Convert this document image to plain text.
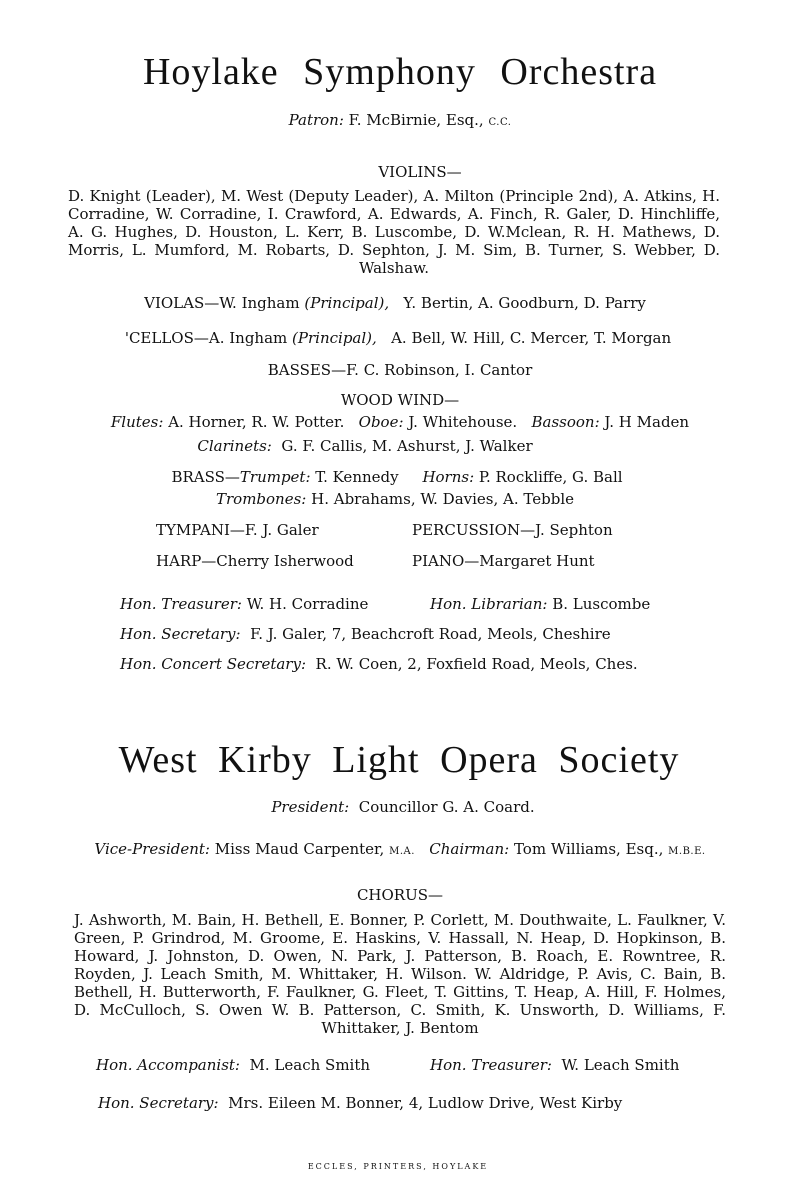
Hoylake Symphony Orchestra
Patron: F. McBirnie, Esq., C.C.
VIOLINS—
D. Knight (Leader), M. West (Deputy Leader), A. Milton (Principle 2nd), A. Atkins, H. Corradine, W. Corradine, I. Crawford, A. Edwards, A. Finch, R. Galer, D. Hinchliffe, A. G. Hughes, D. Houston, L. Kerr, B. Luscombe, D. W.Mclean, R. H. Mathews, D. Morris, L. Mumford, M. Robarts, D. Sephton, J. M. Sim, B. Turner, S. Webber, D. Walshaw.
VIOLAS—W. Ingham (Principal), Y. Bertin, A. Goodburn, D. Parry
'CELLOS—A. Ingham (Principal), A. Bell, W. Hill, C. Mercer, T. Morgan
BASSES—F. C. Robinson, I. Cantor
WOOD WIND—
Flutes: A. Horner, R. W. Potter. Oboe: J. Whitehouse. Bassoon: J. H Maden
Clarinets: G. F. Callis, M. Ashurst, J. Walker
BRASS—Trumpet: T. Kennedy Horns: P. Rockliffe, G. Ball
Trombones: H. Abrahams, W. Davies, A. Tebble
TYMPANI—F. J. Galer	PERCUSSION—J. Sephton
HARP—Cherry Isherwood	PIANO—Margaret Hunt
Hon. Treasurer: W. H. Corradine	Hon. Librarian: B. Luscombe
Hon. Secretary: F. J. Galer, 7, Beachcroft Road, Meols, Cheshire
Hon. Concert Secretary: R. W. Coen, 2, Foxfield Road, Meols, Ches.
West Kirby Light Opera Society
President: Councillor G. A. Coard.
Vice-President: Miss Maud Carpenter, M.A. Chairman: Tom Williams, Esq., M.B.E.
CHORUS—
J. Ashworth, M. Bain, H. Bethell, E. Bonner, P. Corlett, M. Douthwaite, L. Faulkner, V. Green, P. Grindrod, M. Groome, E. Haskins, V. Hassall, N. Heap, D. Hopkinson, B. Howard, J. Johnston, D. Owen, N. Park, J. Patterson, B. Roach, E. Rowntree, R. Royden, J. Leach Smith, M. Whittaker, H. Wilson. W. Aldridge, P. Avis, C. Bain, B. Bethell, H. Butterworth, F. Faulkner, G. Fleet, T. Gittins, T. Heap, A. Hill, F. Holmes, D. McCulloch, S. Owen W. B. Patterson, C. Smith, K. Unsworth, D. Williams, F. Whittaker, J. Bentom
Hon. Accompanist: M. Leach Smith	Hon. Treasurer: W. Leach Smith
Hon. Secretary: Mrs. Eileen M. Bonner, 4, Ludlow Drive, West Kirby
ECCLES, PRINTERS, HOYLAKE
